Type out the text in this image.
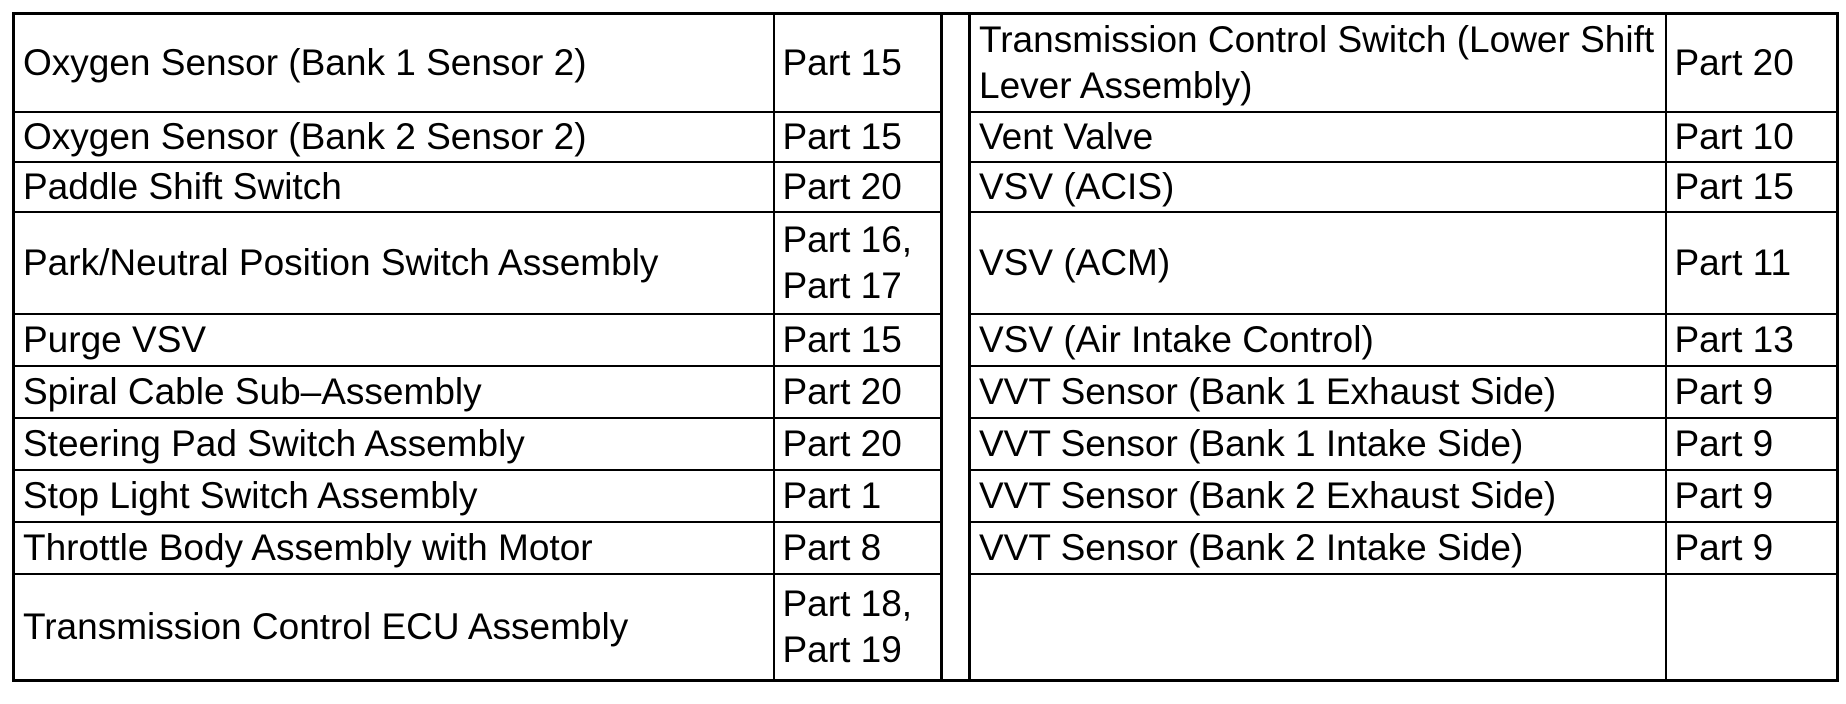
Oxygen Sensor (Bank 1 Sensor 2)	Part 15		Transmission Control Switch (Lower Shift Lever Assembly)	Part 20
Oxygen Sensor (Bank 2 Sensor 2)	Part 15		Vent Valve	Part 10
Paddle Shift Switch	Part 20		VSV (ACIS)	Part 15
Park/Neutral Position Switch Assembly	Part 16, Part 17		VSV (ACM)	Part 11
Purge VSV	Part 15		VSV (Air Intake Control)	Part 13
Spiral Cable Sub–Assembly	Part 20		VVT Sensor (Bank 1 Exhaust Side)	Part 9
Steering Pad Switch Assembly	Part 20		VVT Sensor (Bank 1 Intake Side)	Part 9
Stop Light Switch Assembly	Part 1		VVT Sensor (Bank 2 Exhaust Side)	Part 9
Throttle Body Assembly with Motor	Part 8		VVT Sensor (Bank 2 Intake Side)	Part 9
Transmission Control ECU Assembly	Part 18, Part 19			
